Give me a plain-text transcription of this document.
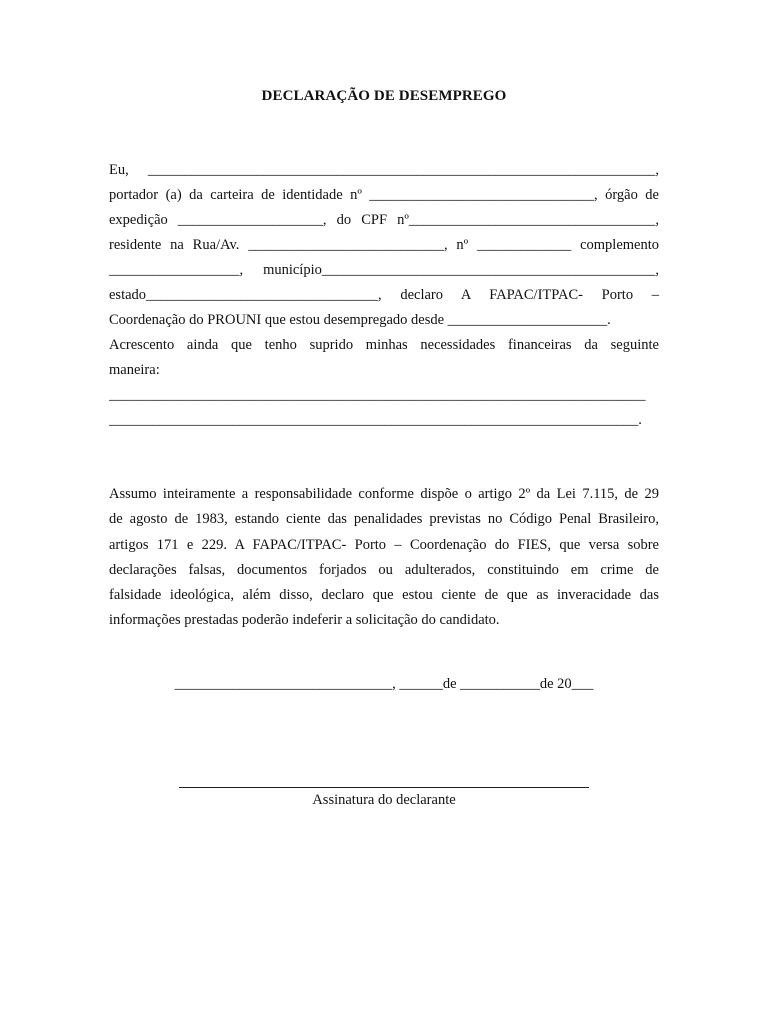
DECLARAÇÃO DE DESEMPREGO
Eu, ______________________________________________________________________,
portador (a) da carteira de identidade nº _______________________________, órgão de
expedição ____________________, do CPF nº__________________________________,
residente na Rua/Av. ___________________________, nº _____________ complemento
__________________, município______________________________________________,
estado________________________________, declaro A FAPAC/ITPAC- Porto –
Coordenação do PROUNI que estou desempregado desde ______________________.
Acrescento ainda que tenho suprido minhas necessidades financeiras da seguinte
maneira:
__________________________________________________________________________
_________________________________________________________________________.
Assumo inteiramente a responsabilidade conforme dispõe o artigo 2º da Lei 7.115, de 29
de agosto de 1983, estando ciente das penalidades previstas no Código Penal Brasileiro,
artigos 171 e 229. A FAPAC/ITPAC- Porto – Coordenação do FIES, que versa sobre
declarações falsas, documentos forjados ou adulterados, constituindo em crime de
falsidade ideológica, além disso, declaro que estou ciente de que as inveracidade das
informações prestadas poderão indeferir a solicitação do candidato.
______________________________, ______de ___________de 20___
Assinatura do declarante
